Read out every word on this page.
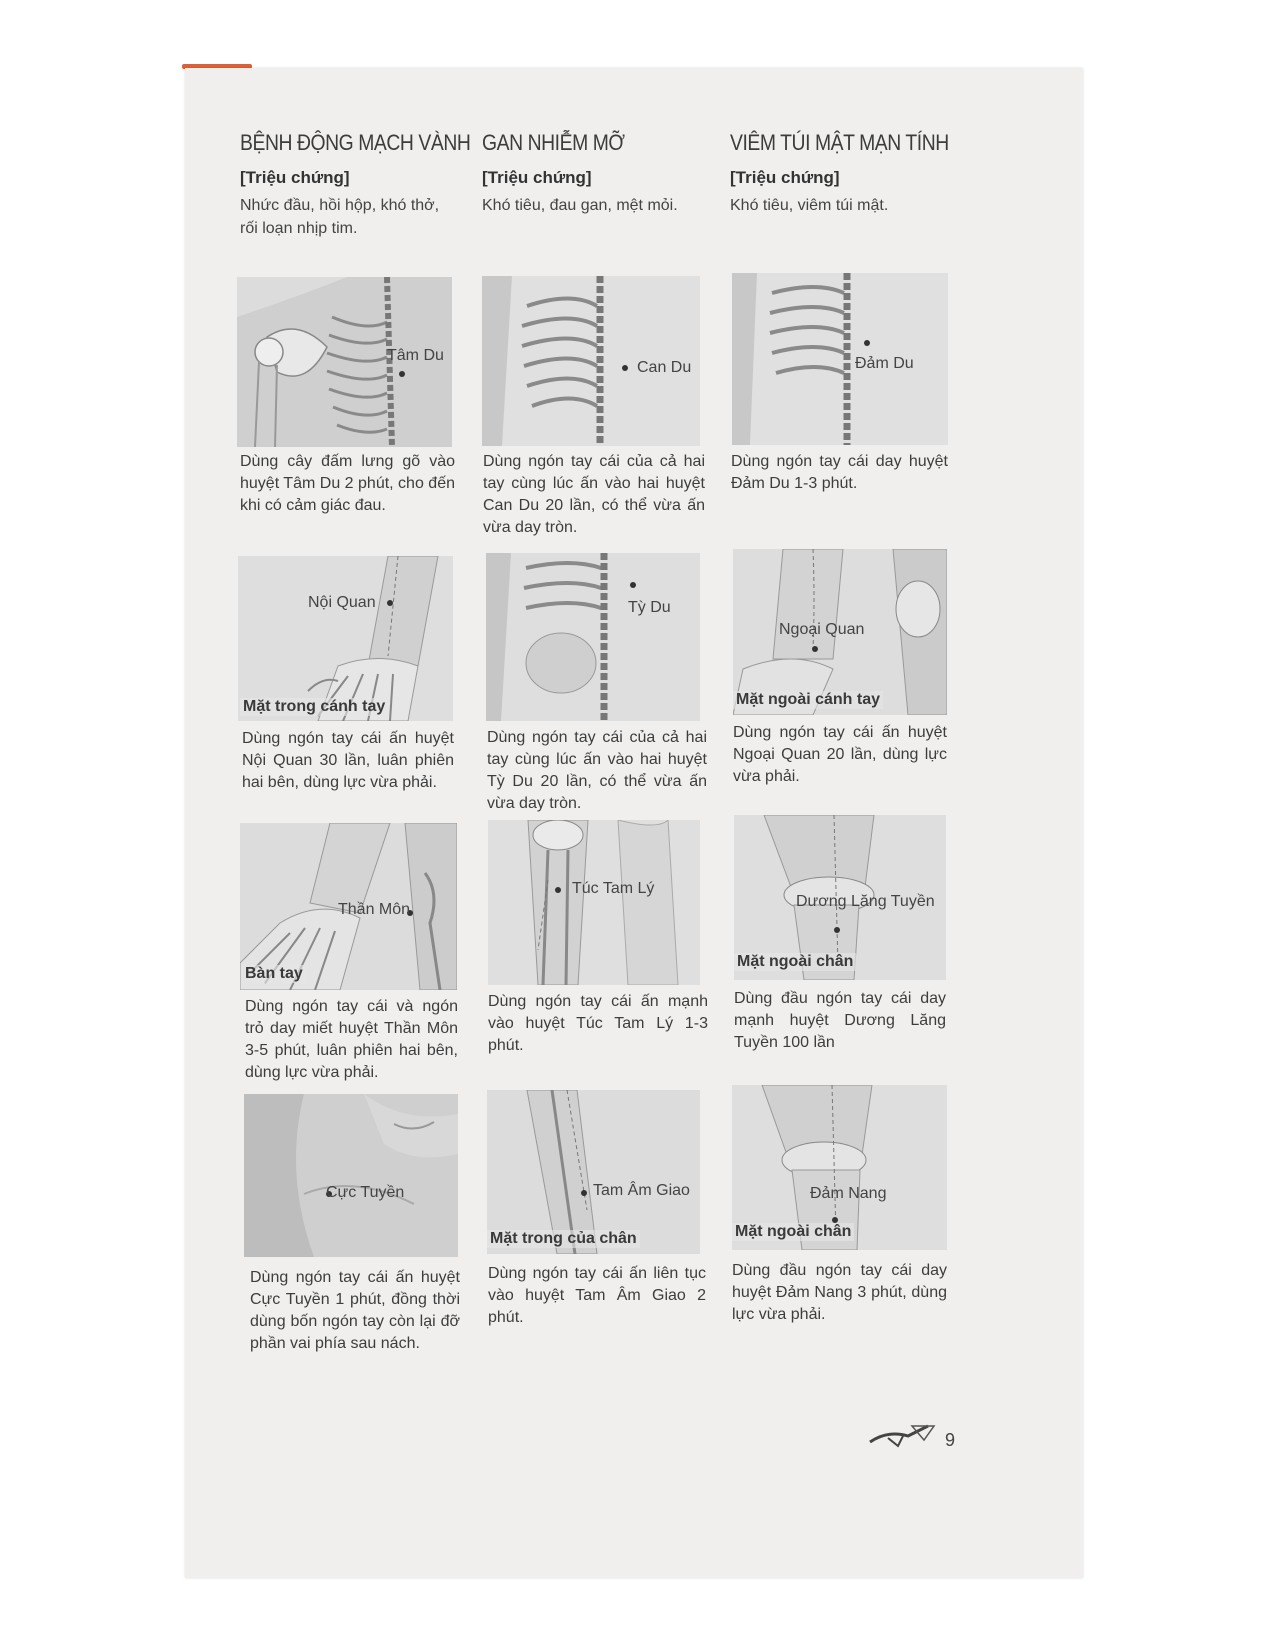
BỆNH ĐỘNG MẠCH VÀNH
[Triệu chứng]
Nhức đầu, hồi hộp, khó thở, rối loạn nhịp tim.
GAN NHIỄM MỠ
[Triệu chứng]
Khó tiêu, đau gan, mệt mỏi.
VIÊM TÚI MẬT MẠN TÍNH
[Triệu chứng]
Khó tiêu, viêm túi mật.
Tâm Du
Dùng cây đấm lưng gõ vào huyệt Tâm Du 2 phút, cho đến khi có cảm giác đau.
Nội Quan
Mặt trong cánh tay
Dùng ngón tay cái ấn huyệt Nội Quan 30 lần, luân phiên hai bên, dùng lực vừa phải.
Thần Môn
Bàn tay
Dùng ngón tay cái và ngón trỏ day miết huyệt Thần Môn 3-5 phút, luân phiên hai bên, dùng lực vừa phải.
Cực Tuyền
Dùng ngón tay cái ấn huyệt Cực Tuyền 1 phút, đồng thời dùng bốn ngón tay còn lại đỡ phần vai phía sau nách.
Can Du
Dùng ngón tay cái của cả hai tay cùng lúc ấn vào hai huyệt Can Du 20 lần, có thể vừa ấn vừa day tròn.
Tỳ Du
Dùng ngón tay cái của cả hai tay cùng lúc ấn vào hai huyệt Tỳ Du 20 lần, có thể vừa ấn vừa day tròn.
Túc Tam Lý
Dùng ngón tay cái ấn mạnh vào huyệt Túc Tam Lý 1-3 phút.
Tam Âm Giao
Mặt trong của chân
Dùng ngón tay cái ấn liên tục vào huyệt Tam Âm Giao 2 phút.
Đảm Du
Dùng ngón tay cái day huyệt Đảm Du 1-3 phút.
Ngoại Quan
Mặt ngoài cánh tay
Dùng ngón tay cái ấn huyệt Ngoại Quan 20 lần, dùng lực vừa phải.
Dương Lăng Tuyền
Mặt ngoài chân
Dùng đầu ngón tay cái day mạnh huyệt Dương Lăng Tuyền 100 lần
Đảm Nang
Mặt ngoài chân
Dùng đầu ngón tay cái day huyệt Đảm Nang 3 phút, dùng lực vừa phải.
9
